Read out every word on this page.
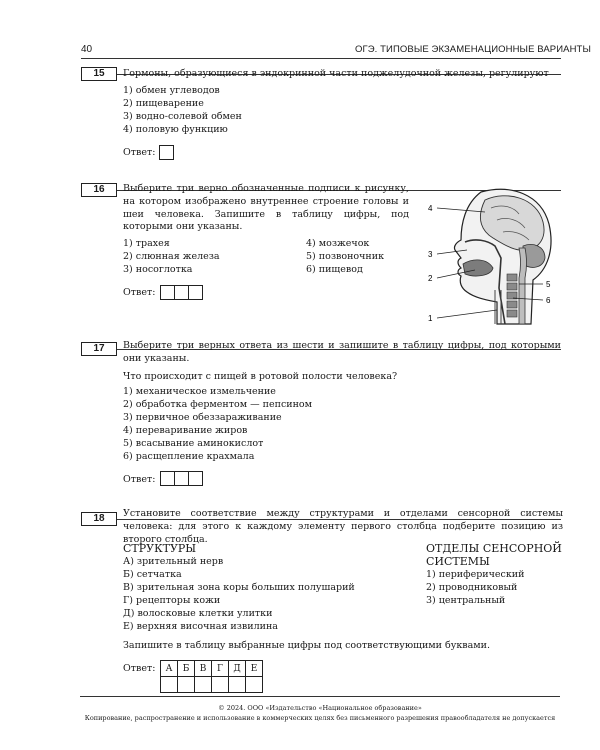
40	ОГЭ. ТИПОВЫЕ ЭКЗАМЕНАЦИОННЫЕ ВАРИАНТЫ
15	Гормоны, образующиеся в эндокринной части поджелудочной железы, регулируют
1) обмен углеводов
2) пищеварение
3) водно-солевой обмен
4) половую функцию
Ответ:
16	Выберите три верно обозначенные подписи к рисунку, на котором изображено внутреннее строение головы и шеи человека. Запишите в таблицу цифры, под которыми они указаны.
1) трахея
2) слюнная железа
3) носоглотка
4) мозжечок
5) позвоночник
6) пищевод
Ответ:
4
3
2
1
5
6
17	Выберите три верных ответа из шести и запишите в таблицу цифры, под которыми они указаны.
Что происходит с пищей в ротовой полости человека?
1) механическое измельчение
2) обработка ферментом — пепсином
3) первичное обеззараживание
4) переваривание жиров
5) всасывание аминокислот
6) расщепление крахмала
Ответ:
18	Установите соответствие между структурами и отделами сенсорной системы человека: для этого к каждому элементу первого столбца подберите позицию из второго столбца.
СТРУКТУРЫ
А) зрительный нерв
Б) сетчатка
В) зрительная зона коры больших полушарий
Г) рецепторы кожи
Д) волосковые клетки улитки
Е) верхняя височная извилина
ОТДЕЛЫ СЕНСОРНОЙ
СИСТЕМЫ
1) периферический
2) проводниковый
3) центральный
Запишите в таблицу выбранные цифры под соответствующими буквами.
Ответ: А	Б	В	Г	Д	Е

© 2024. ООО «Издательство «Национальное образование»
Копирование, распространение и использование в коммерческих целях без письменного разрешения правообладателя не допускается
